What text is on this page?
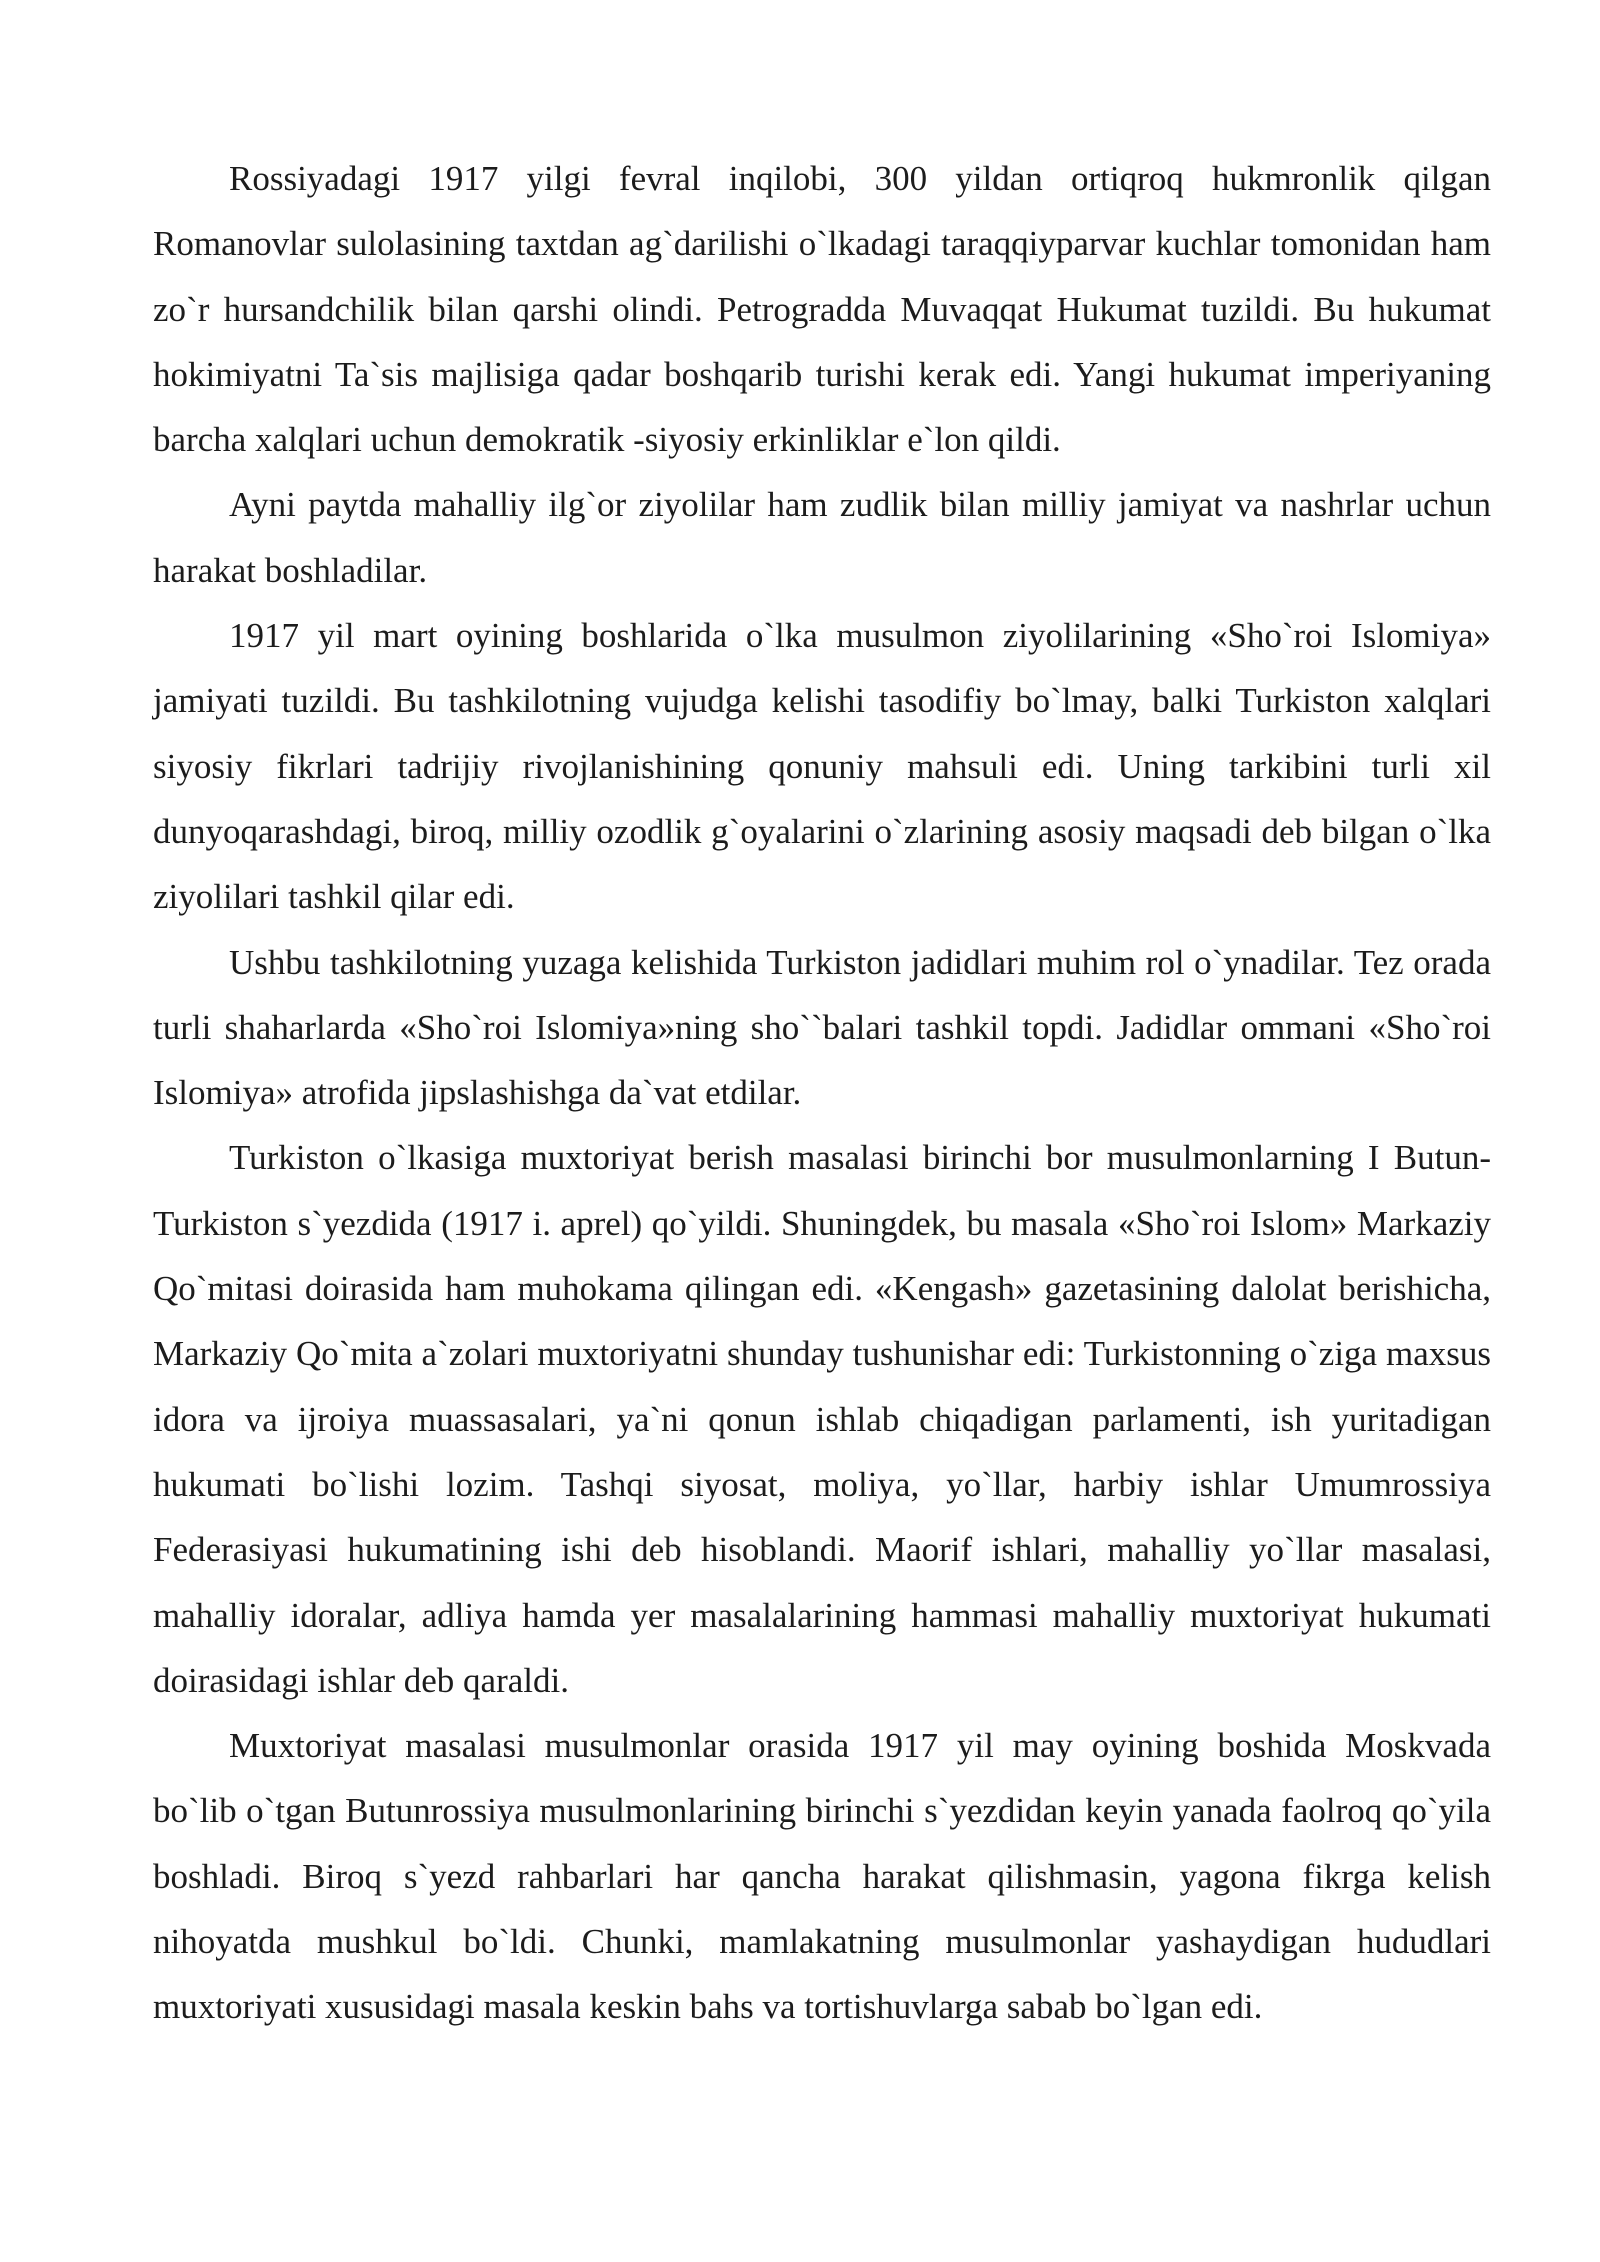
Rossiyadagi 1917 yilgi fevral inqilobi, 300 yildan ortiqroq hukmronlik qilgan Romanovlar sulolasining taxtdan ag`darilishi o`lkadagi taraqqiyparvar kuchlar tomonidan ham zo`r hursandchilik bilan qarshi olindi. Petrogradda Muvaqqat Hukumat tuzildi. Bu hukumat hokimiyatni Ta`sis majlisiga qadar boshqarib turishi kerak edi. Yangi hukumat imperiyaning barcha xalqlari uchun demokratik -siyosiy erkinliklar e`lon qildi.

Ayni paytda mahalliy ilg`or ziyolilar ham zudlik bilan milliy jamiyat va nashrlar uchun harakat boshladilar.

1917 yil mart oyining boshlarida o`lka musulmon ziyolilarining «Sho`roi Islomiya» jamiyati tuzildi. Bu tashkilotning vujudga kelishi tasodifiy bo`lmay, balki Turkiston xalqlari siyosiy fikrlari tadrijiy rivojlanishining qonuniy mahsuli edi. Uning tarkibini turli xil dunyoqarashdagi, biroq, milliy ozodlik g`oyalarini o`zlarining asosiy maqsadi deb bilgan o`lka ziyolilari tashkil qilar edi.

Ushbu tashkilotning yuzaga kelishida Turkiston jadidlari muhim rol o`ynadilar. Tez orada turli shaharlarda «Sho`roi Islomiya»ning sho``balari tashkil topdi. Jadidlar ommani «Sho`roi Islomiya» atrofida jipslashishga da`vat etdilar.

Turkiston o`lkasiga muxtoriyat berish masalasi birinchi bor musulmonlarning I Butun-Turkiston s`yezdida (1917 i. aprel) qo`yildi. Shuningdek, bu masala «Sho`roi Islom» Markaziy Qo`mitasi doirasida ham muhokama qilingan edi. «Kengash» gazetasining dalolat berishicha, Markaziy Qo`mita a`zolari muxtoriyatni shunday tushunishar edi: Turkistonning o`ziga maxsus idora va ijroiya muassasalari, ya`ni qonun ishlab chiqadigan parlamenti, ish yuritadigan hukumati bo`lishi lozim. Tashqi siyosat, moliya, yo`llar, harbiy ishlar Umumrossiya Federasiyasi hukumatining ishi deb hisoblandi. Maorif ishlari, mahalliy yo`llar masalasi, mahalliy idoralar, adliya hamda yer masalalarining hammasi mahalliy muxtoriyat hukumati doirasidagi ishlar deb qaraldi.

Muxtoriyat masalasi musulmonlar orasida 1917 yil may oyining boshida Moskvada bo`lib o`tgan Butunrossiya musulmonlarining birinchi s`yezdidan keyin yanada faolroq qo`yila boshladi. Biroq s`yezd rahbarlari har qancha harakat qilishmasin, yagona fikrga kelish nihoyatda mushkul bo`ldi. Chunki, mamlakatning musulmonlar yashaydigan hududlari muxtoriyati xususidagi masala keskin bahs va tortishuvlarga sabab bo`lgan edi.
